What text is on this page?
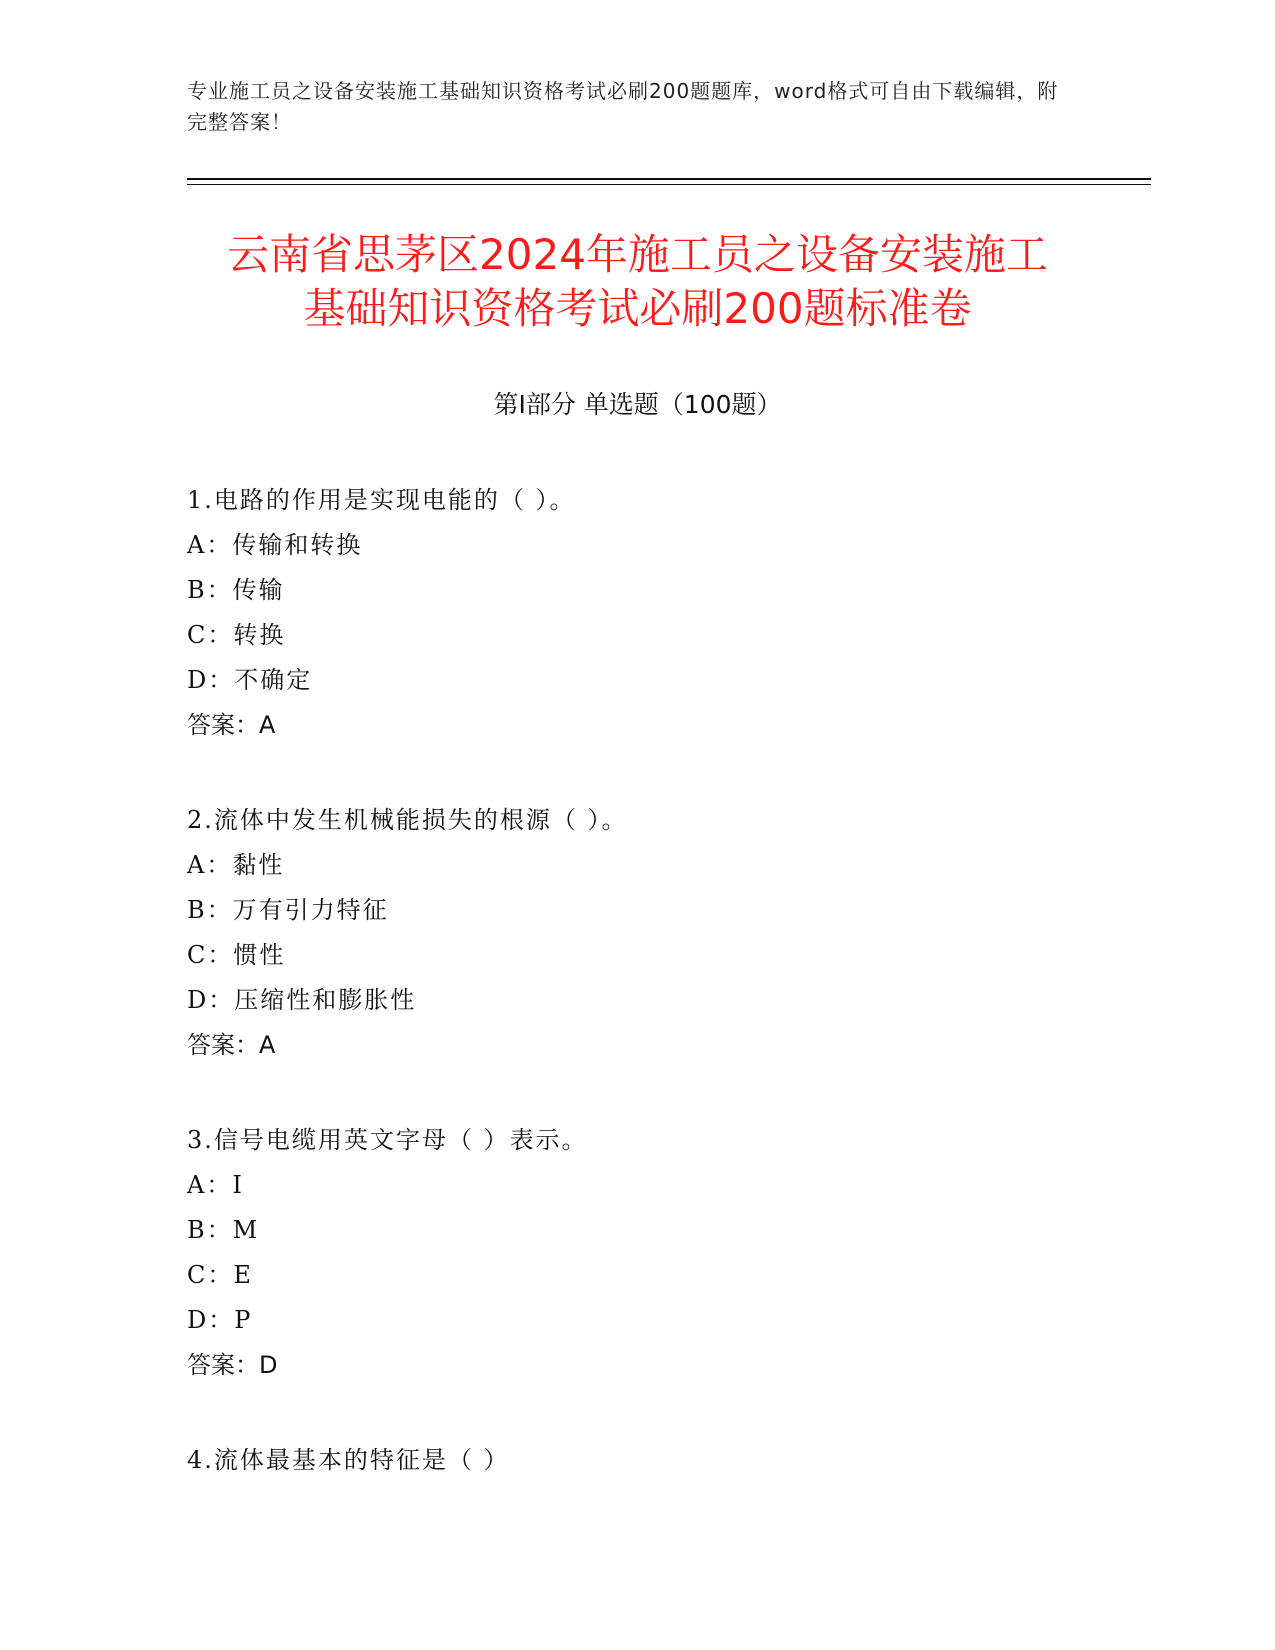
专业施工员之设备安装施工基础知识资格考试必刷200题题库，word格式可自由下载编辑，附完整答案！
云南省思茅区2024年施工员之设备安装施工
基础知识资格考试必刷200题标准卷
第Ⅰ部分 单选题（100题）
1.电路的作用是实现电能的（ ）。
A：传输和转换
B：传输
C：转换
D：不确定
答案：A
2.流体中发生机械能损失的根源（ ）。
A：黏性
B：万有引力特征
C：惯性
D：压缩性和膨胀性
答案：A
3.信号电缆用英文字母（ ）表示。
A：I
B：M
C：E
D：P
答案：D
4.流体最基本的特征是（ ）
